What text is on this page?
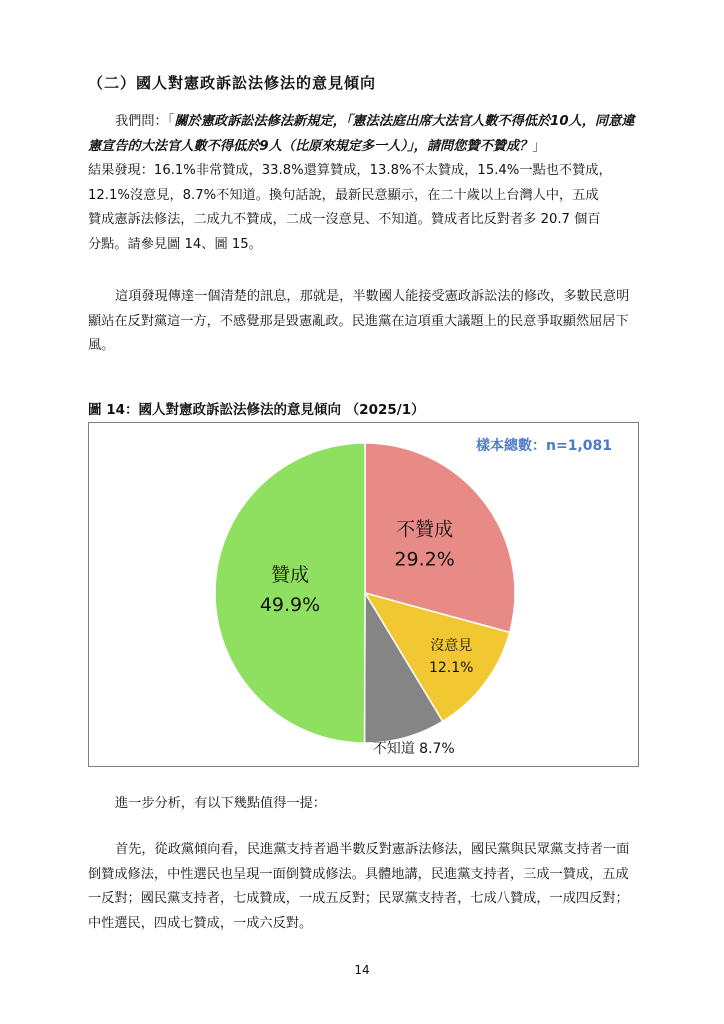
（二）國人對憲政訴訟法修法的意見傾向

我們問：「關於憲政訴訟法修法新規定，「憲法法庭出席大法官人數不得低於10人，同意違憲宣告的大法官人數不得低於9人（比原來規定多一人）」，請問您贊不贊成？」

結果發現：16.1%非常贊成，33.8%還算贊成，13.8%不太贊成，15.4%一點也不贊成，

12.1%沒意見，8.7%不知道。換句話說，最新民意顯示，在二十歲以上台灣人中，五成

贊成憲訴法修法，二成九不贊成，二成一沒意見、不知道。贊成者比反對者多 20.7 個百

分點。請參見圖 14、圖 15。

這項發現傳達一個清楚的訊息，那就是，半數國人能接受憲政訴訟法的修改，多數民意明顯站在反對黨這一方，不感覺那是毀憲亂政。民進黨在這項重大議題上的民意爭取顯然屈居下風。

圖 14：國人對憲政訴訟法修法的意見傾向 （2025/1）
樣本總數：n=1,081
不贊成
29.2%
沒意見
12.1%
不知道 8.7%
贊成
49.9%

進一步分析，有以下幾點值得一提：

首先，從政黨傾向看，民進黨支持者過半數反對憲訴法修法，國民黨與民眾黨支持者一面倒贊成修法，中性選民也呈現一面倒贊成修法。具體地講，民進黨支持者，三成一贊成，五成一反對；國民黨支持者，七成贊成，一成五反對；民眾黨支持者，七成八贊成，一成四反對；中性選民，四成七贊成，一成六反對。

14
